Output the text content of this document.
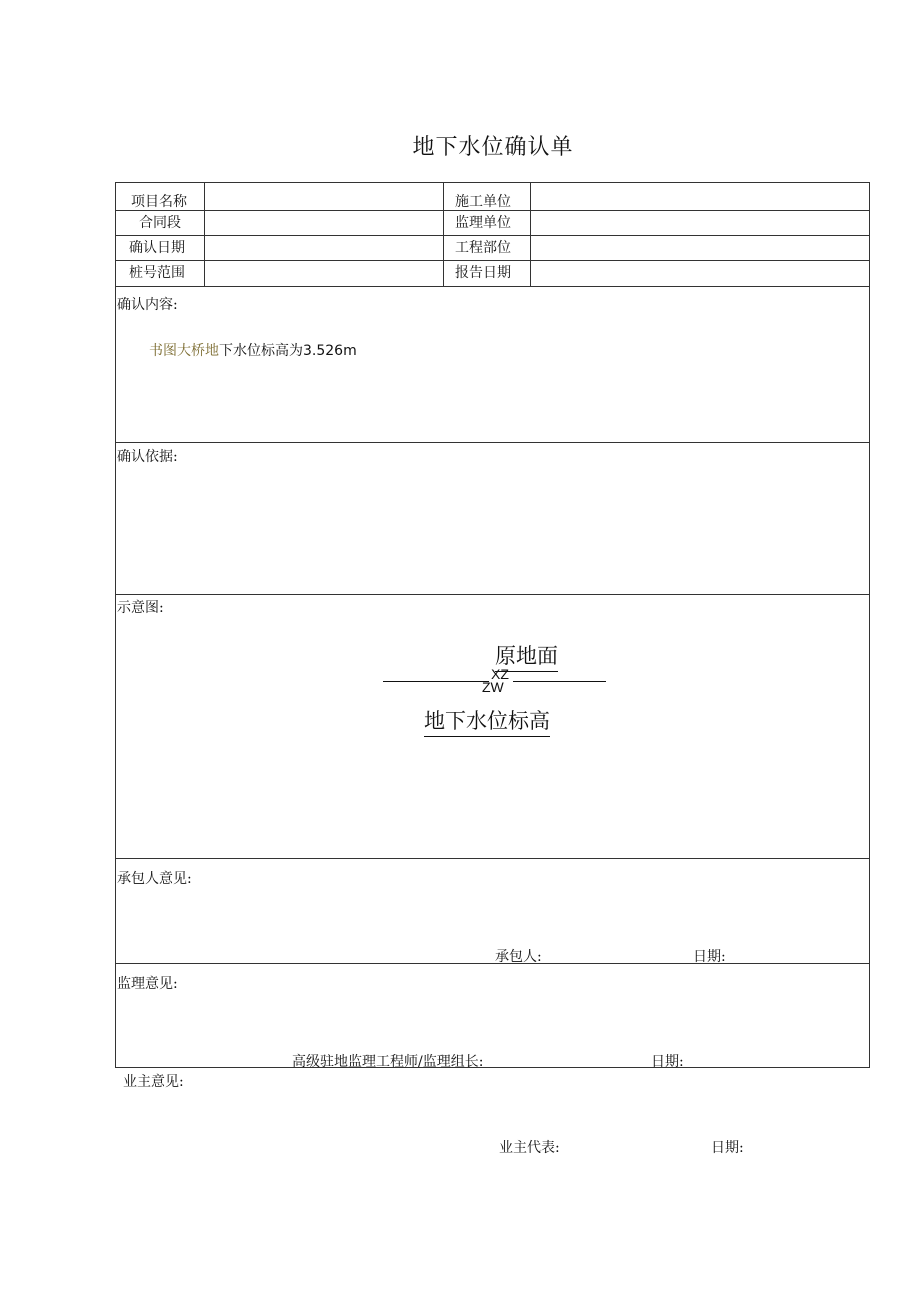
地下水位确认单
项目名称	施工单位
合同段	监理单位
确认日期	工程部位
桩号范围	报告日期
确认内容:
书图大桥地下水位标高为3.526m
确认依据:
示意图:
原地面
XZ
ZW
地下水位标高
承包人意见:
承包人:	日期:
监理意见:
高级驻地监理工程师/监理组长:	日期:
业主意见:
业主代表:	日期:
